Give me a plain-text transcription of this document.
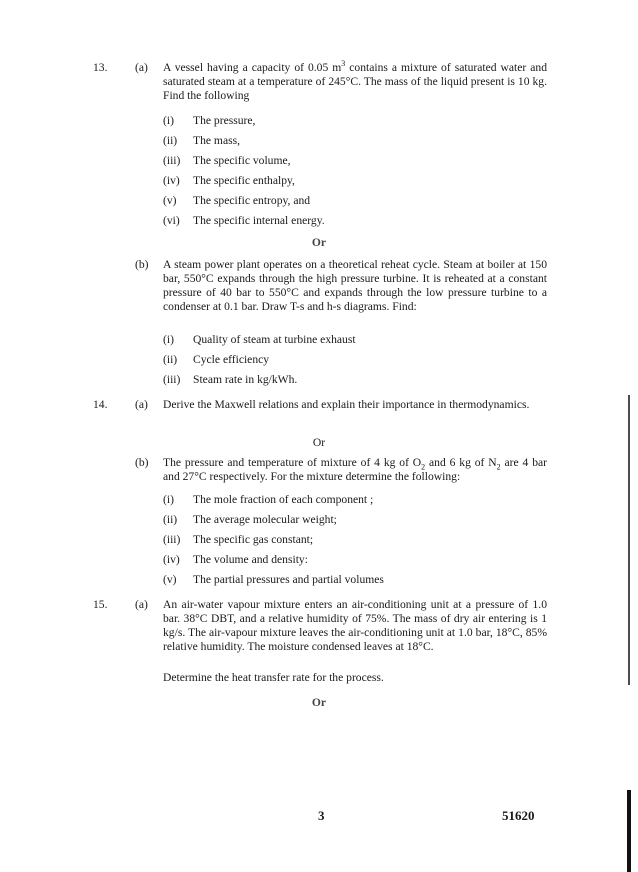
13. (a) A vessel having a capacity of 0.05 $m^3$ contains a mixture of saturated water and saturated steam at a temperature of 245°C. The mass of the liquid present is 10 kg. Find the following
(i) The pressure,
(ii) The mass,
(iii) The specific volume,
(iv) The specific enthalpy,
(v) The specific entropy, and
(vi) The specific internal energy.
Or
(b) A steam power plant operates on a theoretical reheat cycle. Steam at boiler at 150 bar, 550°C expands through the high pressure turbine. It is reheated at a constant pressure of 40 bar to 550°C and expands through the low pressure turbine to a condenser at 0.1 bar. Draw T-s and h-s diagrams. Find:
(i) Quality of steam at turbine exhaust
(ii) Cycle efficiency
(iii) Steam rate in kg/kWh.
14. (a) Derive the Maxwell relations and explain their importance in thermodynamics.
Or
(b) The pressure and temperature of mixture of 4 kg of $O_2$ and 6 kg of $N_2$ are 4 bar and 27°C respectively. For the mixture determine the following:
(i) The mole fraction of each component ;
(ii) The average molecular weight;
(iii) The specific gas constant;
(iv) The volume and density:
(v) The partial pressures and partial volumes
15. (a) An air-water vapour mixture enters an air-conditioning unit at a pressure of 1.0 bar. 38°C DBT, and a relative humidity of 75%. The mass of dry air entering is 1 kg/s. The air-vapour mixture leaves the air-conditioning unit at 1.0 bar, 18°C, 85% relative humidity. The moisture condensed leaves at 18°C.
Determine the heat transfer rate for the process.
Or
3	51620
